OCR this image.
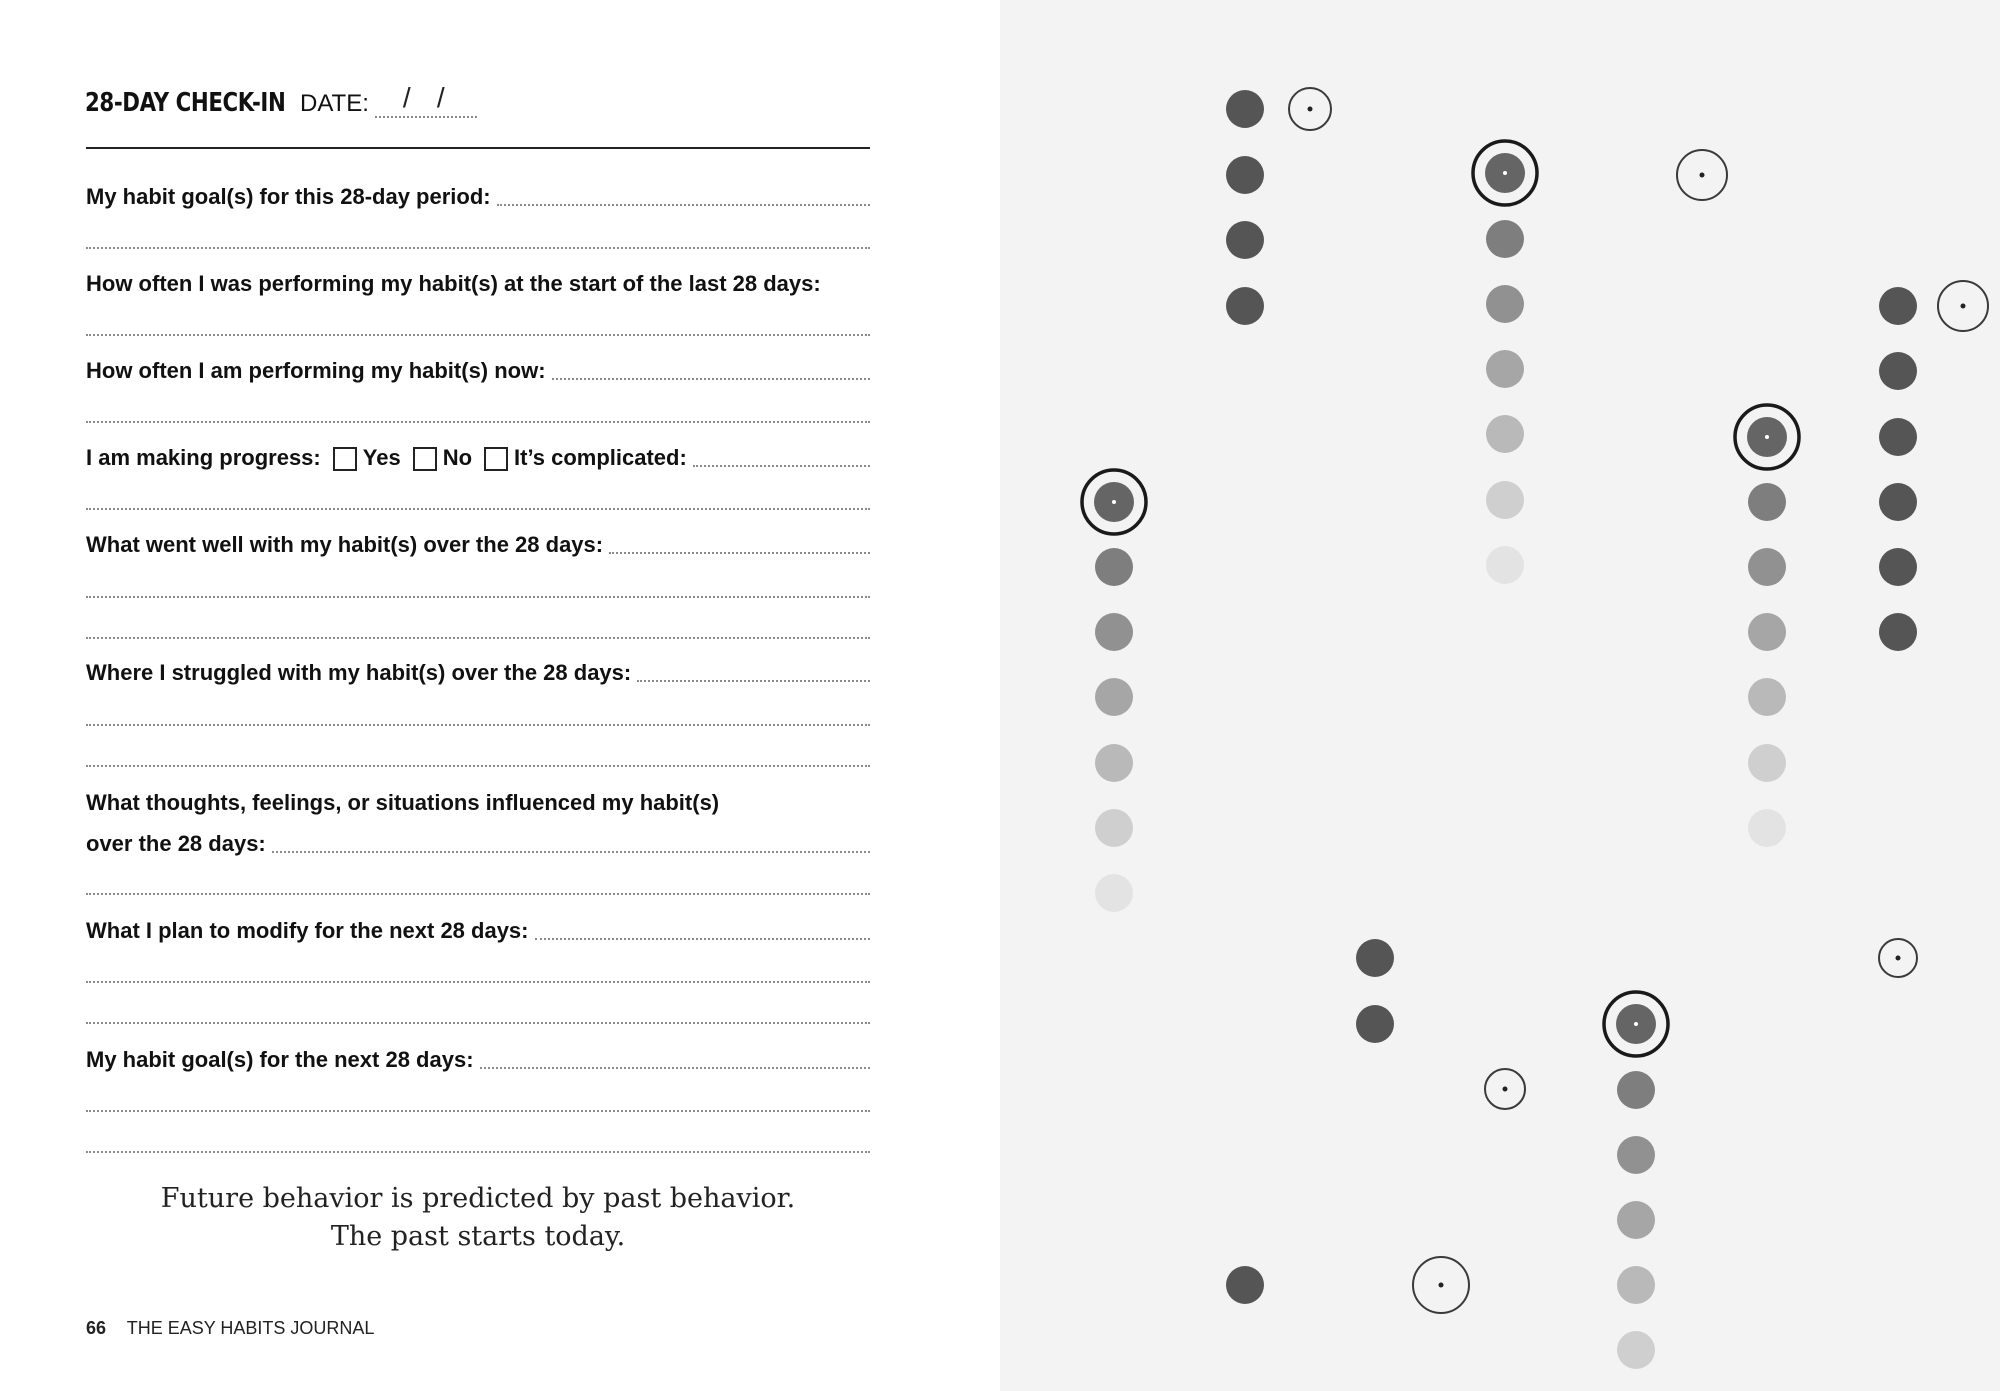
28-DAY CHECK-IN DATE: / /
My habit goal(s) for this 28-day period:
How often I was performing my habit(s) at the start of the last 28 days:
How often I am performing my habit(s) now:
I am making progress: Yes No It’s complicated:
What went well with my habit(s) over the 28 days:
Where I struggled with my habit(s) over the 28 days:
What thoughts, feelings, or situations influenced my habit(s)
over the 28 days:
What I plan to modify for the next 28 days:
My habit goal(s) for the next 28 days:
Future behavior is predicted by past behavior.
The past starts today.
66 THE EASY HABITS JOURNAL
